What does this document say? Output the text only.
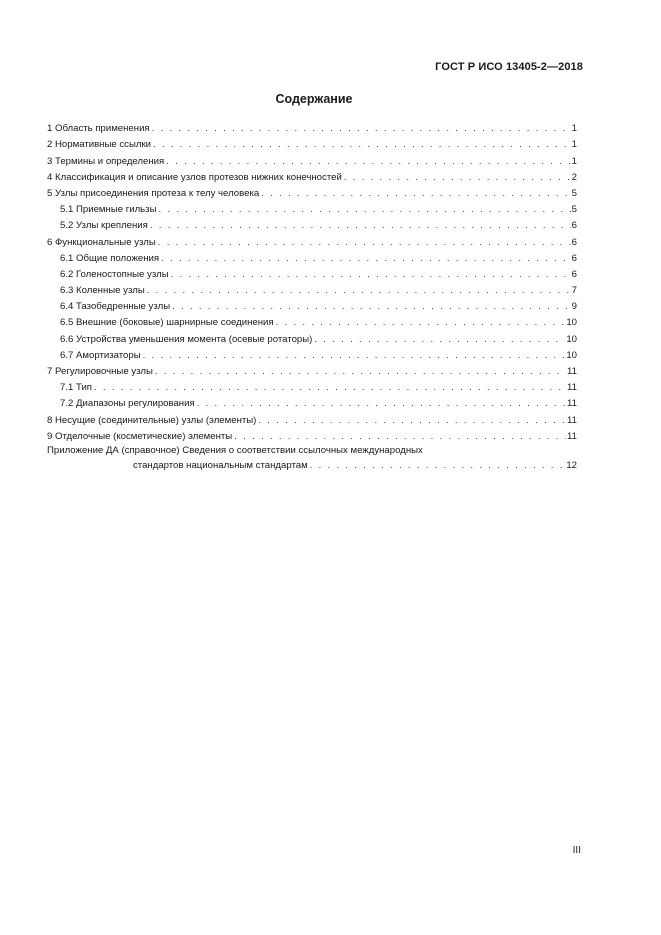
ГОСТ Р ИСО 13405-2—2018
Содержание
1 Область применения . . .	1
2 Нормативные ссылки . . .	1
3 Термины и определения . . .	1
4 Классификация и описание узлов протезов нижних конечностей . . .	2
5 Узлы присоединения протеза к телу человека . . .	5
5.1 Приемные гильзы . . .	5
5.2 Узлы крепления . . .	6
6 Функциональные узлы . . .	6
6.1 Общие положения . . .	6
6.2 Голеностопные узлы . . .	6
6.3 Коленные узлы . . .	7
6.4 Тазобедренные узлы . . .	9
6.5 Внешние (боковые) шарнирные соединения . . .	10
6.6 Устройства уменьшения момента (осевые ротаторы) . . .	10
6.7 Амортизаторы . . .	10
7 Регулировочные узлы . . .	11
7.1 Тип . . .	11
7.2 Диапазоны регулирования . . .	11
8 Несущие (соединительные) узлы (элементы) . . .	11
9 Отделочные (косметические) элементы . . .	11
Приложение ДА (справочное) Сведения о соответствии ссылочных международных
стандартов национальным стандартам . . .	12
III
